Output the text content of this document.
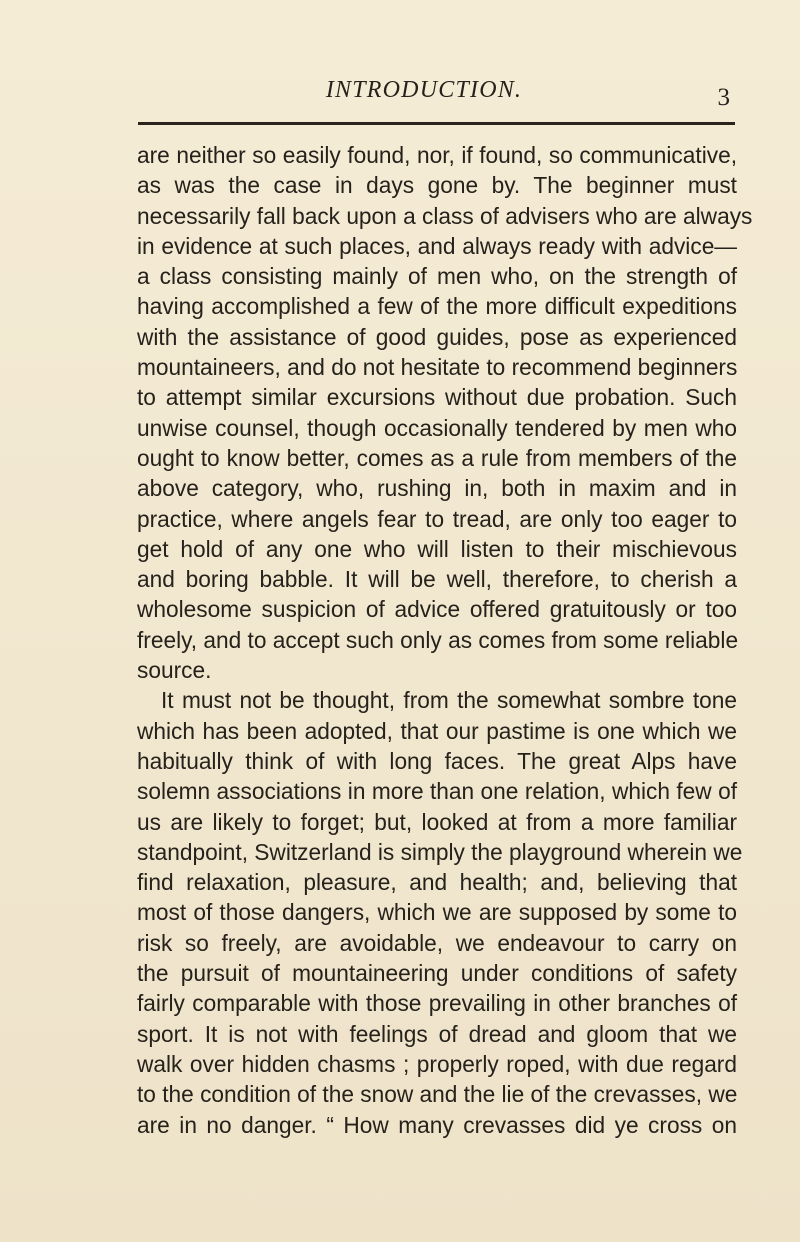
INTRODUCTION.	3
are neither so easily found, nor, if found, so communicative,
as was the case in days gone by. The beginner must
necessarily fall back upon a class of advisers who are always
in evidence at such places, and always ready with advice—
a class consisting mainly of men who, on the strength of
having accomplished a few of the more difficult expeditions
with the assistance of good guides, pose as experienced
mountaineers, and do not hesitate to recommend beginners
to attempt similar excursions without due probation. Such
unwise counsel, though occasionally tendered by men who
ought to know better, comes as a rule from members of the
above category, who, rushing in, both in maxim and in
practice, where angels fear to tread, are only too eager to
get hold of any one who will listen to their mischievous
and boring babble. It will be well, therefore, to cherish a
wholesome suspicion of advice offered gratuitously or too
freely, and to accept such only as comes from some reliable
source.
It must not be thought, from the somewhat sombre tone
which has been adopted, that our pastime is one which we
habitually think of with long faces. The great Alps have
solemn associations in more than one relation, which few of
us are likely to forget; but, looked at from a more familiar
standpoint, Switzerland is simply the playground wherein we
find relaxation, pleasure, and health; and, believing that
most of those dangers, which we are supposed by some to
risk so freely, are avoidable, we endeavour to carry on
the pursuit of mountaineering under conditions of safety
fairly comparable with those prevailing in other branches of
sport. It is not with feelings of dread and gloom that we
walk over hidden chasms ; properly roped, with due regard
to the condition of the snow and the lie of the crevasses, we
are in no danger. “ How many crevasses did ye cross on
